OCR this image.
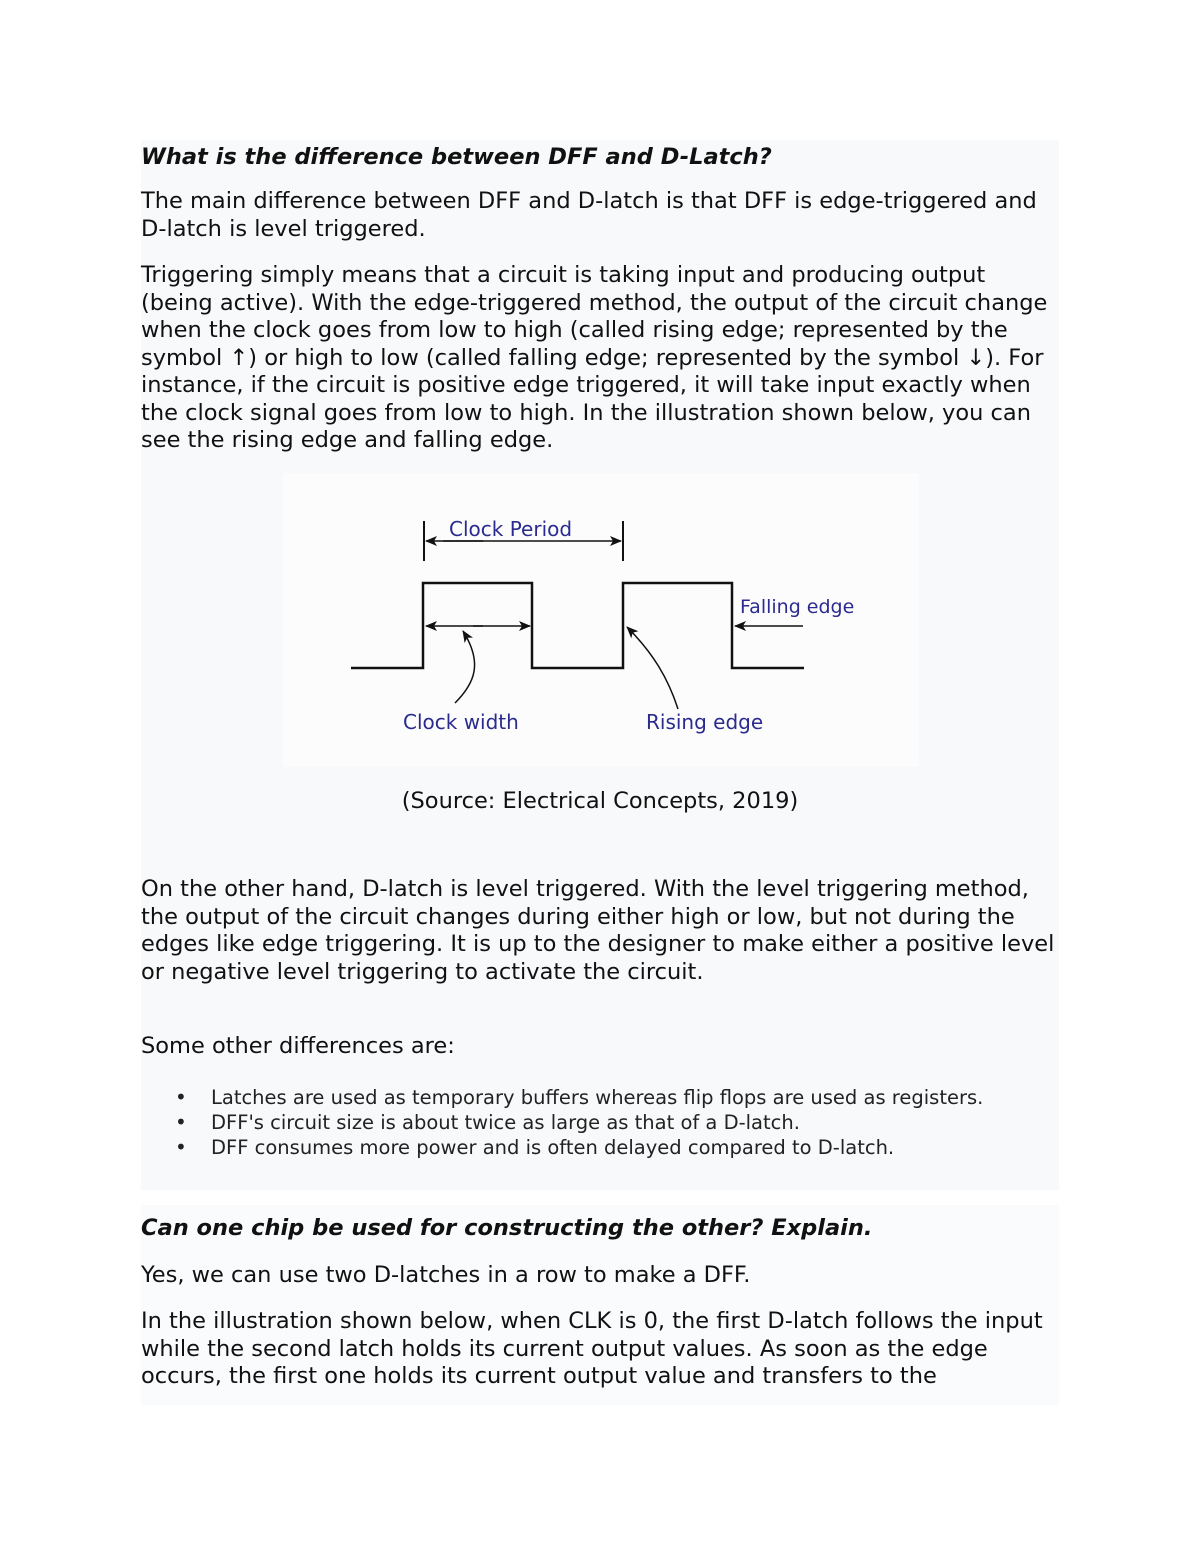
What is the difference between DFF and D-Latch?

The main difference between DFF and D-latch is that DFF is edge-triggered and D-latch is level triggered.

Triggering simply means that a circuit is taking input and producing output (being active). With the edge-triggered method, the output of the circuit change when the clock goes from low to high (called rising edge; represented by the symbol ↑) or high to low (called falling edge; represented by the symbol ↓). For instance, if the circuit is positive edge triggered, it will take input exactly when the clock signal goes from low to high. In the illustration shown below, you can see the rising edge and falling edge.

Clock Period
Clock width	Rising edge
Falling edge

(Source: Electrical Concepts, 2019)

On the other hand, D-latch is level triggered. With the level triggering method, the output of the circuit changes during either high or low, but not during the edges like edge triggering. It is up to the designer to make either a positive level or negative level triggering to activate the circuit.

Some other differences are:

• Latches are used as temporary buffers whereas flip flops are used as registers.
• DFF's circuit size is about twice as large as that of a D-latch.
• DFF consumes more power and is often delayed compared to D-latch.
Can one chip be used for constructing the other? Explain.

Yes, we can use two D-latches in a row to make a DFF.

In the illustration shown below, when CLK is 0, the first D-latch follows the input while the second latch holds its current output values. As soon as the edge occurs, the first one holds its current output value and transfers to the
